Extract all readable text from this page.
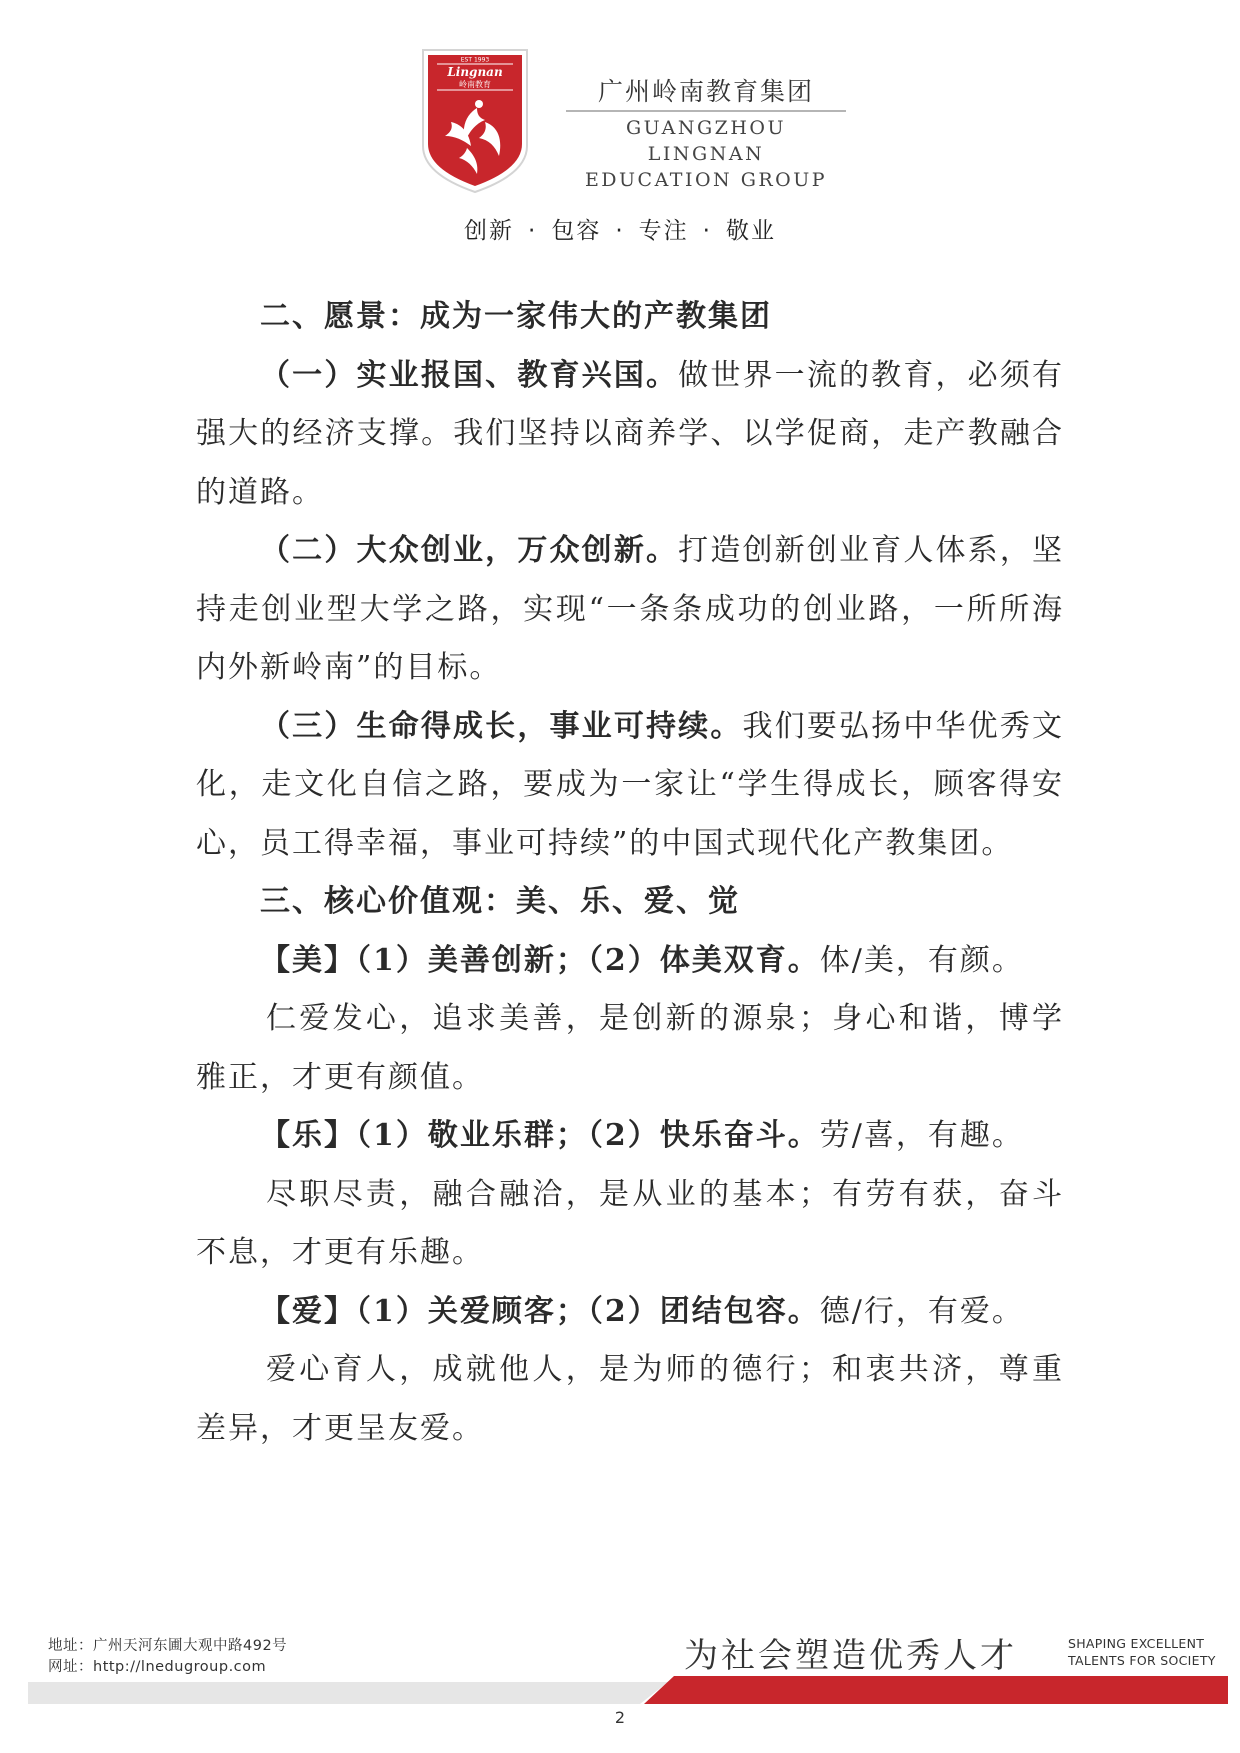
EST 1993
Lingnan
岭南教育	广州岭南教育集团
GUANGZHOU LINGNAN
EDUCATION GROUP
创新 · 包容 · 专注 · 敬业

二、愿景：成为一家伟大的产教集团

（一）实业报国、教育兴国。做世界一流的教育，必须有强大的经济支撑。我们坚持以商养学、以学促商，走产教融合的道路。

（二）大众创业，万众创新。打造创新创业育人体系，坚持走创业型大学之路，实现“一条条成功的创业路，一所所海内外新岭南”的目标。

（三）生命得成长，事业可持续。我们要弘扬中华优秀文化，走文化自信之路，要成为一家让“学生得成长，顾客得安心，员工得幸福，事业可持续”的中国式现代化产教集团。

三、核心价值观：美、乐、爱、觉

【美】（1）美善创新；（2）体美双育。体/美，有颜。

仁爱发心，追求美善，是创新的源泉；身心和谐，博学雅正，才更有颜值。

【乐】（1）敬业乐群；（2）快乐奋斗。劳/喜，有趣。

尽职尽责，融合融洽，是从业的基本；有劳有获，奋斗不息，才更有乐趣。

【爱】（1）关爱顾客；（2）团结包容。德/行，有爱。

爱心育人，成就他人，是为师的德行；和衷共济，尊重差异，才更呈友爱。

地址：广州天河东圃大观中路492号
网址：http://lnedugroup.com	为社会塑造优秀人才	SHAPING EXCELLENT
TALENTS FOR SOCIETY
2
